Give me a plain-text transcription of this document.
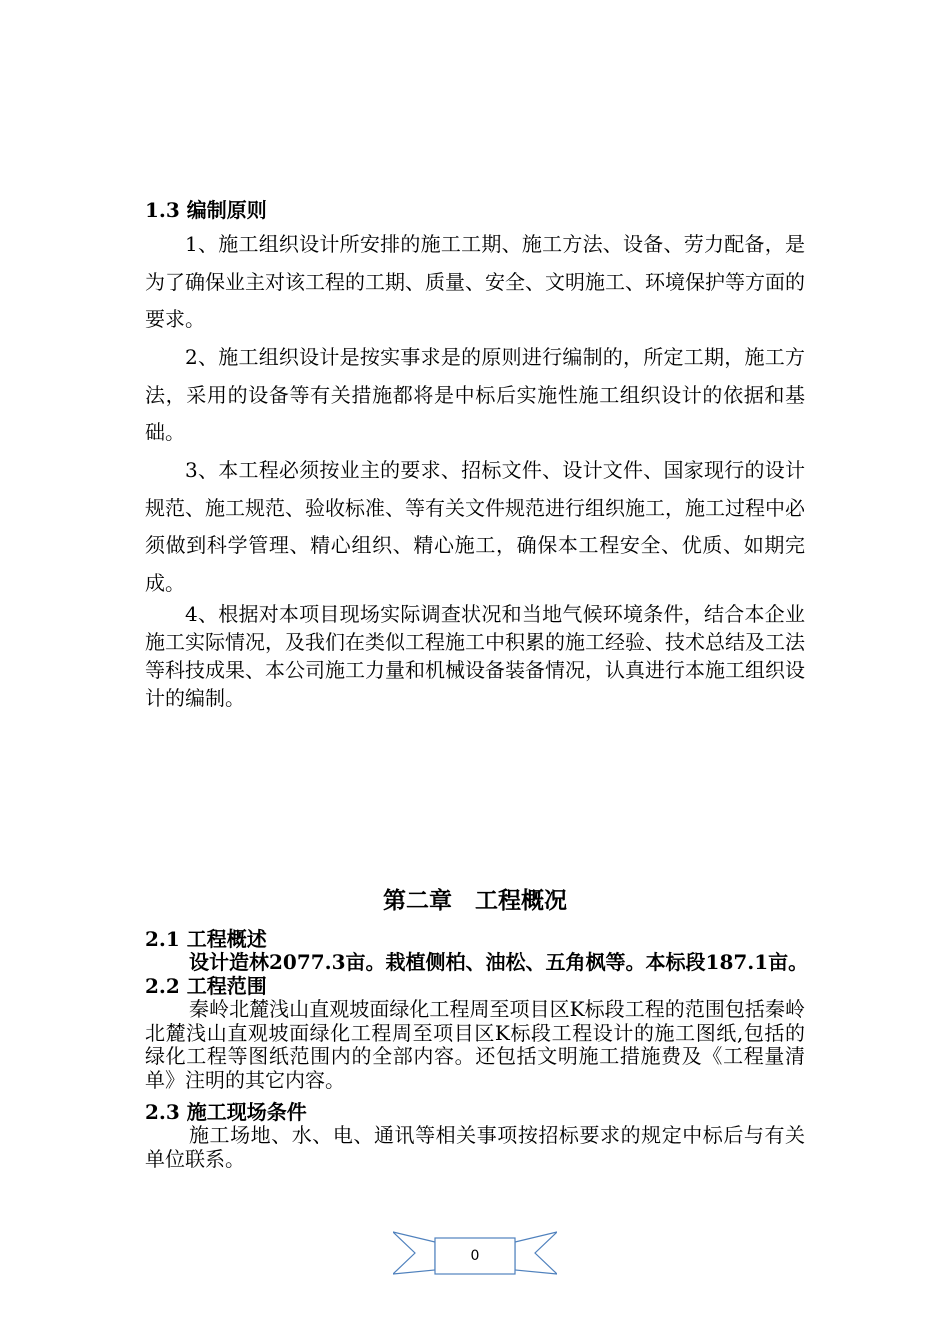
1.3 编制原则

1、施工组织设计所安排的施工工期、施工方法、设备、劳力配备，是为了确保业主对该工程的工期、质量、安全、文明施工、环境保护等方面的要求。

2、施工组织设计是按实事求是的原则进行编制的，所定工期，施工方法，采用的设备等有关措施都将是中标后实施性施工组织设计的依据和基础。

3、本工程必须按业主的要求、招标文件、设计文件、国家现行的设计规范、施工规范、验收标准、等有关文件规范进行组织施工，施工过程中必须做到科学管理、精心组织、精心施工，确保本工程安全、优质、如期完成。

4、根据对本项目现场实际调查状况和当地气候环境条件，结合本企业施工实际情况，及我们在类似工程施工中积累的施工经验、技术总结及工法等科技成果、本公司施工力量和机械设备装备情况，认真进行本施工组织设计的编制。

第二章　工程概况
2.1 工程概述

设计造林2077.3亩。栽植侧柏、油松、五角枫等。本标段187.1亩。

2.2 工程范围

秦岭北麓浅山直观坡面绿化工程周至项目区K标段工程的范围包括秦岭北麓浅山直观坡面绿化工程周至项目区K标段工程设计的施工图纸,包括的绿化工程等图纸范围内的全部内容。还包括文明施工措施费及《工程量清单》注明的其它内容。

2.3 施工现场条件

施工场地、水、电、通讯等相关事项按招标要求的规定中标后与有关单位联系。

0
